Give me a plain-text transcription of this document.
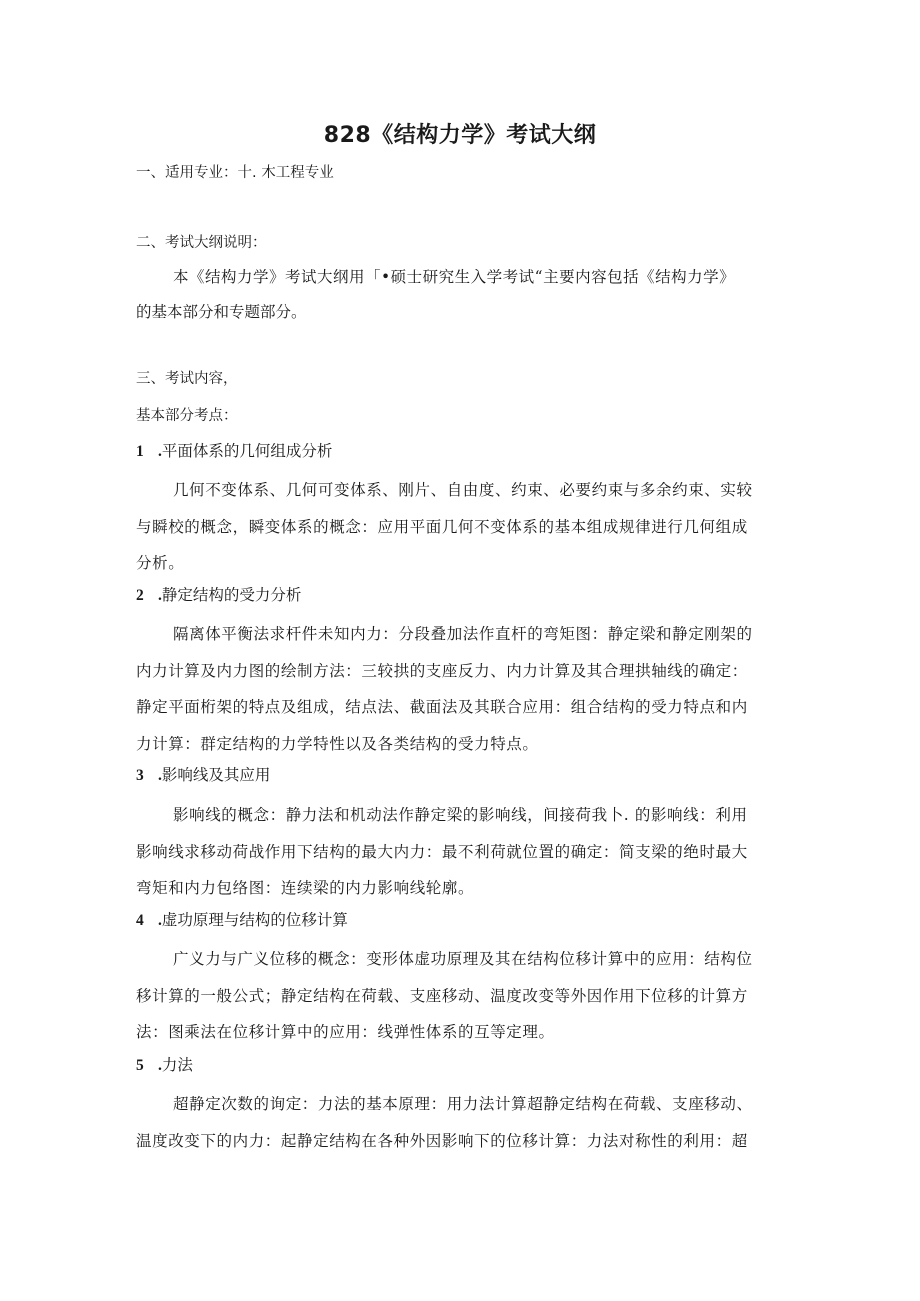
828《结构力学》考试大纲
一、适用专业：十. 木工程专业
二、考试大纲说明：
本《结构力学》考试大纲用「•硕士研究生入学考试“主要内容包括《结构力学》
的基本部分和专题部分。
三、考试内容，
基本部分考点：
1 .平面体系的几何组成分析
几何不变体系、几何可变体系、刚片、自由度、约束、必要约束与多余约束、实较
与瞬校的概念，瞬变体系的概念：应用平面几何不变体系的基本组成规律进行几何组成
分析。
2 .静定结构的受力分析
隔离体平衡法求杆件未知内力：分段叠加法作直杆的弯矩图：静定梁和静定刚架的
内力计算及内力图的绘制方法：三较拱的支座反力、内力计算及其合理拱轴线的确定：
静定平面桁架的特点及组成，结点法、截面法及其联合应用：组合结构的受力特点和内
力计算：群定结构的力学特性以及各类结构的受力特点。
3 .影响线及其应用
影响线的概念：静力法和机动法作静定梁的影响线，间接荷我卜. 的影响线：利用
影响线求移动荷战作用下结构的最大内力：最不利荷就位置的确定：简支梁的绝时最大
弯矩和内力包络图：连续梁的内力影响线轮廓。
4 .虚功原理与结构的位移计算
广义力与广义位移的概念：变形体虚功原理及其在结构位移计算中的应用：结构位
移计算的一般公式；静定结构在荷载、支座移动、温度改变等外因作用下位移的计算方
法：图乘法在位移计算中的应用：线弹性体系的互等定理。
5 .力法
超静定次数的询定：力法的基本原理：用力法计算超静定结构在荷载、支座移动、
温度改变下的内力：起静定结构在各种外因影响下的位移计算：力法对称性的利用：超
